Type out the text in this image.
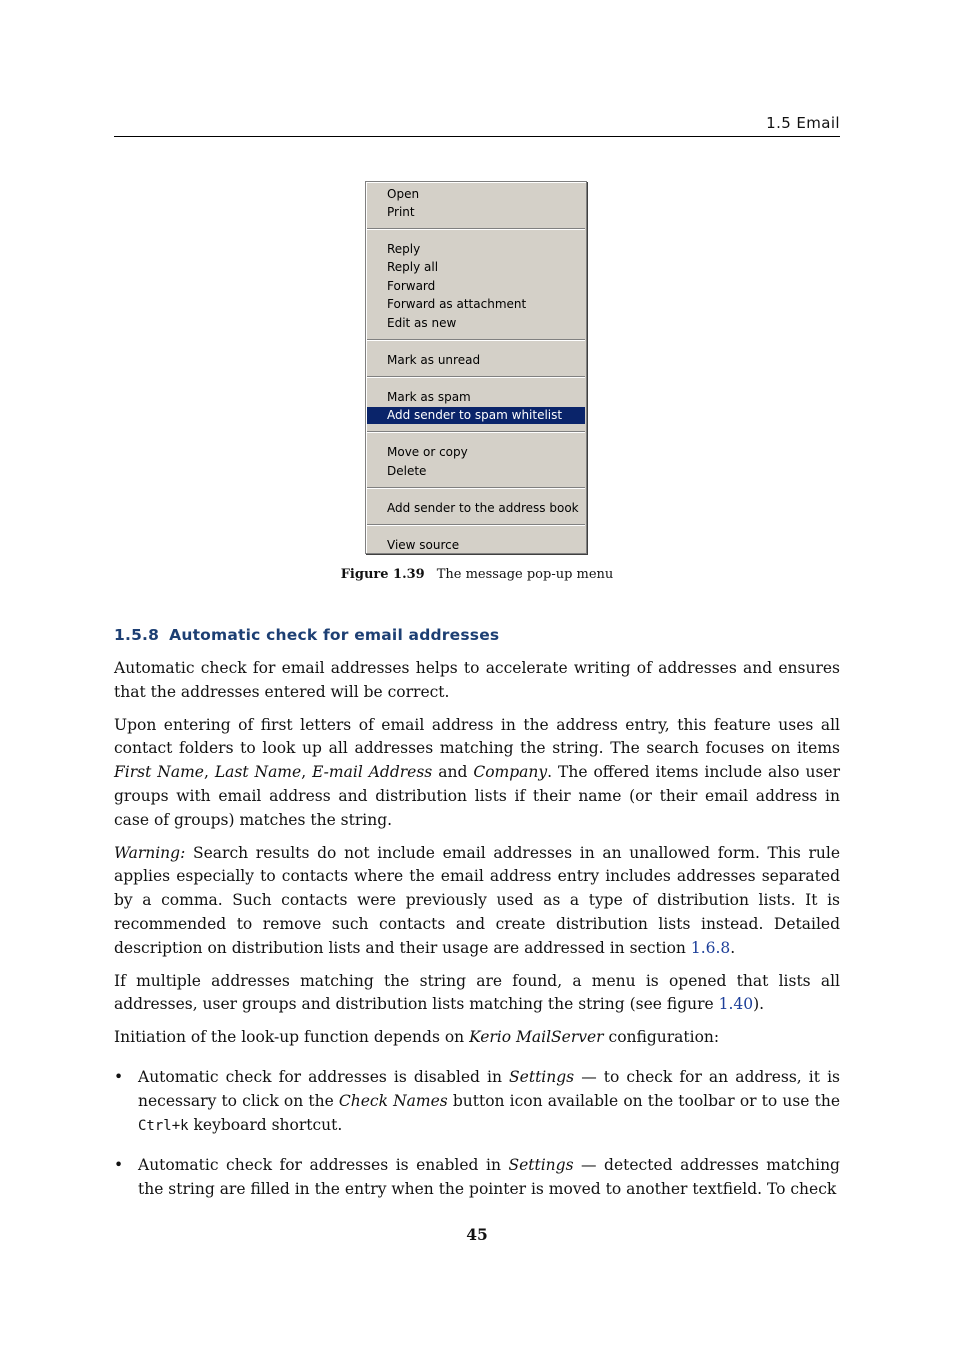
1.5 Email
Open
Print
Reply
Reply all
Forward
Forward as attachment
Edit as new
Mark as unread
Mark as spam
Add sender to spam whitelist
Move or copy
Delete
Add sender to the address book
View source
Figure 1.39 The message pop-up menu
1.5.8 Automatic check for email addresses

Automatic check for email addresses helps to accelerate writing of addresses and ensures that the addresses entered will be correct.

Upon entering of first letters of email address in the address entry, this feature uses all contact folders to look up all addresses matching the string. The search focuses on items First Name, Last Name, E-mail Address and Company. The offered items include also user groups with email address and distribution lists if their name (or their email address in case of groups) matches the string.

Warning: Search results do not include email addresses in an unallowed form. This rule applies especially to contacts where the email address entry includes addresses separated by a comma. Such contacts were previously used as a type of distribution lists. It is recommended to remove such contacts and create distribution lists instead. Detailed description on distribution lists and their usage are addressed in section 1.6.8.

If multiple addresses matching the string are found, a menu is opened that lists all addresses, user groups and distribution lists matching the string (see figure 1.40).

Initiation of the look-up function depends on Kerio MailServer configuration:

• Automatic check for addresses is disabled in Settings — to check for an address, it is necessary to click on the Check Names button icon available on the toolbar or to use the Ctrl+k keyboard shortcut.
• Automatic check for addresses is enabled in Settings — detected addresses matching the string are filled in the entry when the pointer is moved to another textfield. To check
45
